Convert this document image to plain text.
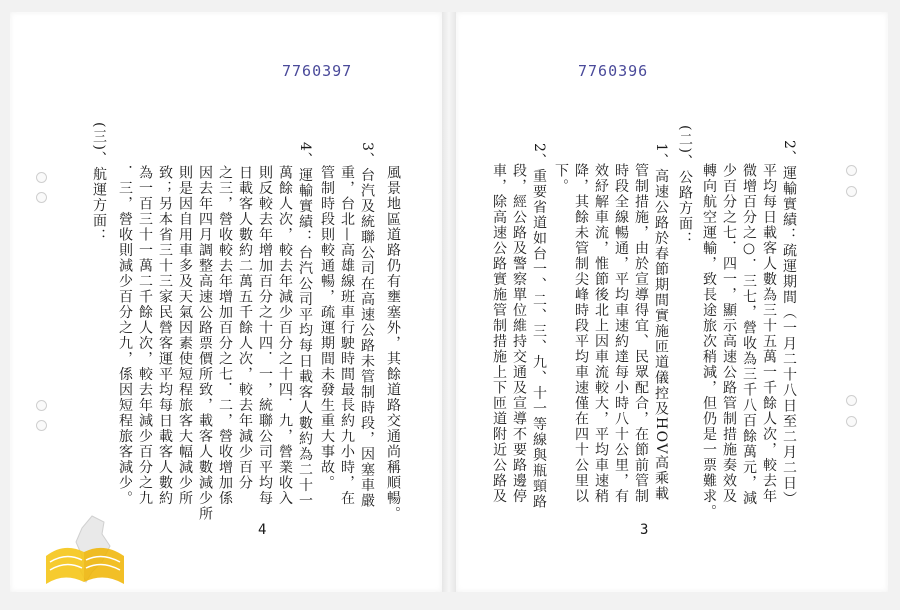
7760397
風景地區道路仍有壅塞外，其餘道路交通尚稱順暢。
3、台汽及統聯公司在高速公路未管制時段，因塞車嚴
重，台北—高雄線班車行駛時間最長約九小時，在
管制時段則較通暢，疏運期間未發生重大事故。
4、運輸實績：台汽公司平均每日載客人數約為二十一
萬餘人次，較去年減少百分之十四．九，營業收入
則反較去年增加百分之十四．一，統聯公司平均每
日載客人數約二萬五千餘人次，較去年減少百分
之三，營收較去年增加百分之七．二，營收增加係
因去年四月調整高速公路票價所致，載客人數減少所
則是因自用車多及天氣因素使短程旅客大幅減少所
致；另本省三十三家民營客運平均每日載客人數約
為一百三十一萬二千餘人次，較去年減少百分之九
．三，營收則減少百分之九，係因短程旅客減少。
(三)、航運方面：
4
7760396
2、運輸實績：疏運期間（一月二十八日至二月二日）
平均每日載客人數為三十五萬一千餘人次，較去年
微增百分之○．三七，營收為三千八百餘萬元，減
少百分之七．四一，顯示高速公路管制措施奏效及
轉向航空運輸，致長途旅次稍減，但仍是一票難求。
(二)、公路方面：
1、高速公路於春節期間實施匝道儀控及HOV高乘載
管制措施，由於宣導得宜、民眾配合，在節前管制
時段全線暢通，平均車速約達每小時八十公里，有
效紓解車流，惟節後北上因車流較大，平均車速稍
降，其餘未管制尖峰時段平均車速僅在四十公里以
下。
2、重要省道如台一、二、三、九、十一等線與瓶頸路
段，經公路及警察單位維持交通及宣導不要路邊停
車，除高速公路實施管制措施上下匝道附近公路及
3
